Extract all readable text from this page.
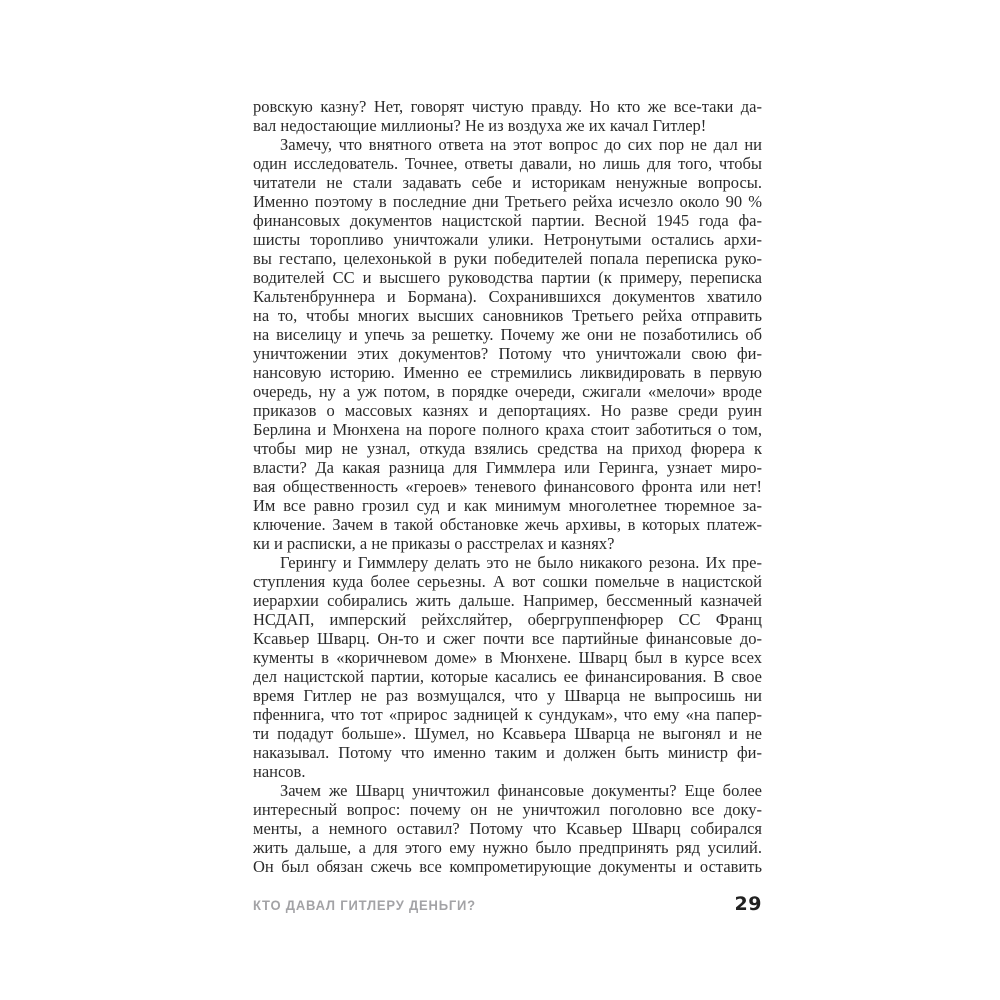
ровскую казну? Нет, говорят чистую правду. Но кто же все-таки да-
вал недостающие миллионы? Не из воздуха же их качал Гитлер!

Замечу, что внятного ответа на этот вопрос до сих пор не дал ни
один исследователь. Точнее, ответы давали, но лишь для того, чтобы
читатели не стали задавать себе и историкам ненужные вопросы.
Именно поэтому в последние дни Третьего рейха исчезло около 90 %
финансовых документов нацистской партии. Весной 1945 года фа-
шисты торопливо уничтожали улики. Нетронутыми остались архи-
вы гестапо, целехонькой в руки победителей попала переписка руко-
водителей СС и высшего руководства партии (к примеру, переписка
Кальтенбруннера и Бормана). Сохранившихся документов хватило
на то, чтобы многих высших сановников Третьего рейха отправить
на виселицу и упечь за решетку. Почему же они не позаботились об
уничтожении этих документов? Потому что уничтожали свою фи-
нансовую историю. Именно ее стремились ликвидировать в первую
очередь, ну а уж потом, в порядке очереди, сжигали «мелочи» вроде
приказов о массовых казнях и депортациях. Но разве среди руин
Берлина и Мюнхена на пороге полного краха стоит заботиться о том,
чтобы мир не узнал, откуда взялись средства на приход фюрера к
власти? Да какая разница для Гиммлера или Геринга, узнает миро-
вая общественность «героев» теневого финансового фронта или нет!
Им все равно грозил суд и как минимум многолетнее тюремное за-
ключение. Зачем в такой обстановке жечь архивы, в которых платеж-
ки и расписки, а не приказы о расстрелах и казнях?

Герингу и Гиммлеру делать это не было никакого резона. Их пре-
ступления куда более серьезны. А вот сошки помельче в нацистской
иерархии собирались жить дальше. Например, бессменный казначей
НСДАП, имперский рейхсляйтер, обергруппенфюрер СС Франц
Ксавьер Шварц. Он-то и сжег почти все партийные финансовые до-
кументы в «коричневом доме» в Мюнхене. Шварц был в курсе всех
дел нацистской партии, которые касались ее финансирования. В свое
время Гитлер не раз возмущался, что у Шварца не выпросишь ни
пфеннига, что тот «прирос задницей к сундукам», что ему «на папер-
ти подадут больше». Шумел, но Ксавьера Шварца не выгонял и не
наказывал. Потому что именно таким и должен быть министр фи-
нансов.

Зачем же Шварц уничтожил финансовые документы? Еще более
интересный вопрос: почему он не уничтожил поголовно все доку-
менты, а немного оставил? Потому что Ксавьер Шварц собирался
жить дальше, а для этого ему нужно было предпринять ряд усилий.
Он был обязан сжечь все компрометирующие документы и оставить

КТО ДАВАЛ ГИТЛЕРУ ДЕНЬГИ?	29
